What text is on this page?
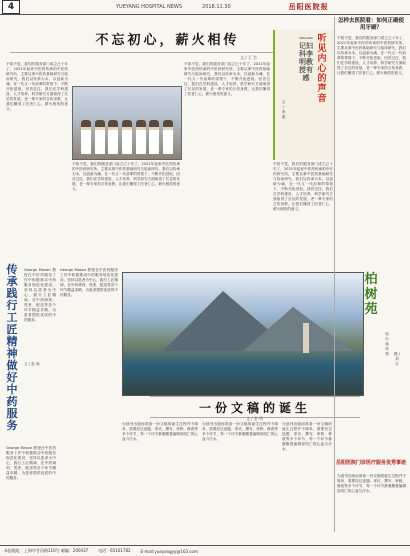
4	YUEYANG HOSPITAL NEWS	2018.11.30	岳阳医院报
不忘初心，薪火相传
文 / 王 芸
不知不觉，我们的服务部门成立已十年了，2021年起家中医药传承的中医药研究所，主要从事中医药基础研究与临床研究，我们以传承为本，以创新为魂，在一代又一代前辈的带领下，不断开拓进取。回首过往，我们在学科建设、人才培养、科学研究方面取得了长足的发展，老一辈专家的言传身教，让我们懂得了医者仁心，薪火相传的意义。
不知不觉，我们的服务部门成立已十年了，2021年起家中医药传承的中医药研究所，主要从事中医药基础研究与临床研究，我们以传承为本，以创新为魂，在一代又一代前辈的带领下，不断开拓进取。回首过往，我们在学科建设、人才培养、科学研究方面取得了长足的发展，老一辈专家的言传身教，让我们懂得了医者仁心，薪火相传的意义。
不知不觉，我们的服务部门成立已十年了，2021年起家中医药传承的中医药研究所，主要从事中医药基础研究与临床研究，我们以传承为本，以创新为魂，在一代又一代前辈的带领下，不断开拓进取。回首过往，我们在学科建设、人才培养、科学研究方面取得了长足的发展，老一辈专家的言传身教，让我们懂得了医者仁心，薪火相传的意义。
听见内心的声音
——记妇科李明教授有感
文 / 李 燕
不知不觉，我们的服务部门成立已十年了，2021年起家中医药传承的中医药研究所，主要从事中医药基础研究与临床研究，我们以传承为本，以创新为魂，在一代又一代前辈的带领下，不断开拓进取。回首过往，我们在学科建设、人才培养、科学研究方面取得了长足的发展，老一辈专家的言传身教，让我们懂得了医者仁心，薪火相传的意义。
传承践行工匠精神做好中药服务
George Mason 教授在中医药服务工作中积极推动中药服务规范化建设，坚持以患者为中心，践行工匠精神，在中药调剂、煎煮、配送等各个环节精益求精，为患者提供优质的中药服务。
文 / 张 涛
George Mason 教授在中医药服务工作中积极推动中药服务规范化建设，坚持以患者为中心，践行工匠精神，在中药调剂、煎煮、配送等各个环节精益求精，为患者提供优质的中药服务。
George Mason 教授在中医药服务工作中积极推动中药服务规范化建设，坚持以患者为中心，践行工匠精神，在中药调剂、煎煮、配送等各个环节精益求精，为患者提供优质的中药服务。
柏树苑
哈尔施塔特	摄 / 刘 宇
一份文稿的诞生
文 / 金 鸣
为创刊出版而准备一份文稿的诞生过程并不简单，需要经过选题、采访、撰写、审核、修改等多个环节，每一个环节都凝聚着编辑部同仁的心血与汗水。
为创刊出版而准备一份文稿的诞生过程并不简单，需要经过选题、采访、撰写、审核、修改等多个环节，每一个环节都凝聚着编辑部同仁的心血与汗水。
为创刊出版而准备一份文稿的诞生过程并不简单，需要经过选题、采访、撰写、审核、修改等多个环节，每一个环节都凝聚着编辑部同仁的心血与汗水。
怎样去医院看：如何正确使用牙刷？
不知不觉，我们的服务部门成立已十年了，2021年起家中医药传承的中医药研究所，主要从事中医药基础研究与临床研究，我们以传承为本，以创新为魂，在一代又一代前辈的带领下，不断开拓进取。回首过往，我们在学科建设、人才培养、科学研究方面取得了长足的发展，老一辈专家的言传身教，让我们懂得了医者仁心，薪火相传的意义。
岳阳医院门诊医疗服务优秀事迹
为创刊出版而准备一份文稿的诞生过程并不简单，需要经过选题、采访、撰写、审核、修改等多个环节，每一个环节都凝聚着编辑部同仁的心血与汗水。
本报地址：上海市甘河路110号 邮编：200437	电话：65161782	E-mail:yueyangyy@163.com
